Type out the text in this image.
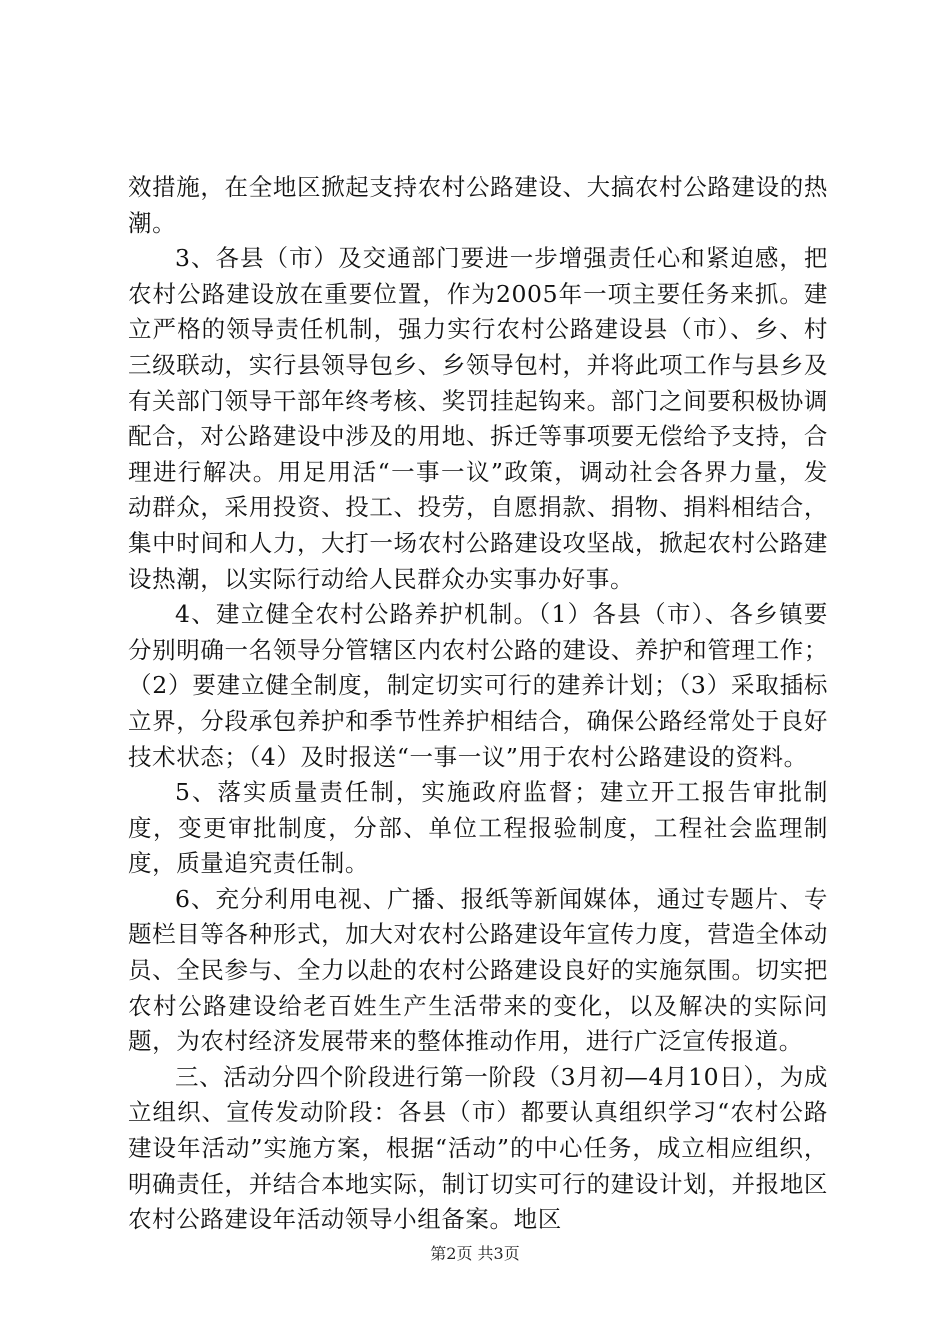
效措施，在全地区掀起支持农村公路建设、大搞农村公路建设的热潮。

3、各县（市）及交通部门要进一步增强责任心和紧迫感，把农村公路建设放在重要位置，作为2005年一项主要任务来抓。建立严格的领导责任机制，强力实行农村公路建设县（市）、乡、村三级联动，实行县领导包乡、乡领导包村，并将此项工作与县乡及有关部门领导干部年终考核、奖罚挂起钩来。部门之间要积极协调配合，对公路建设中涉及的用地、拆迁等事项要无偿给予支持，合理进行解决。用足用活“一事一议”政策，调动社会各界力量，发动群众，采用投资、投工、投劳，自愿捐款、捐物、捐料相结合，集中时间和人力，大打一场农村公路建设攻坚战，掀起农村公路建设热潮，以实际行动给人民群众办实事办好事。

4、建立健全农村公路养护机制。（1）各县（市）、各乡镇要分别明确一名领导分管辖区内农村公路的建设、养护和管理工作；（2）要建立健全制度，制定切实可行的建养计划；（3）采取插标立界，分段承包养护和季节性养护相结合，确保公路经常处于良好技术状态；（4）及时报送“一事一议”用于农村公路建设的资料。

5、落实质量责任制，实施政府监督；建立开工报告审批制度，变更审批制度，分部、单位工程报验制度，工程社会监理制度，质量追究责任制。

6、充分利用电视、广播、报纸等新闻媒体，通过专题片、专题栏目等各种形式，加大对农村公路建设年宣传力度，营造全体动员、全民参与、全力以赴的农村公路建设良好的实施氛围。切实把农村公路建设给老百姓生产生活带来的变化，以及解决的实际问题，为农村经济发展带来的整体推动作用，进行广泛宣传报道。

三、活动分四个阶段进行第一阶段（3月初—4月10日），为成立组织、宣传发动阶段：各县（市）都要认真组织学习“农村公路建设年活动”实施方案，根据“活动”的中心任务，成立相应组织，明确责任，并结合本地实际，制订切实可行的建设计划，并报地区农村公路建设年活动领导小组备案。地区

第2页 共3页
